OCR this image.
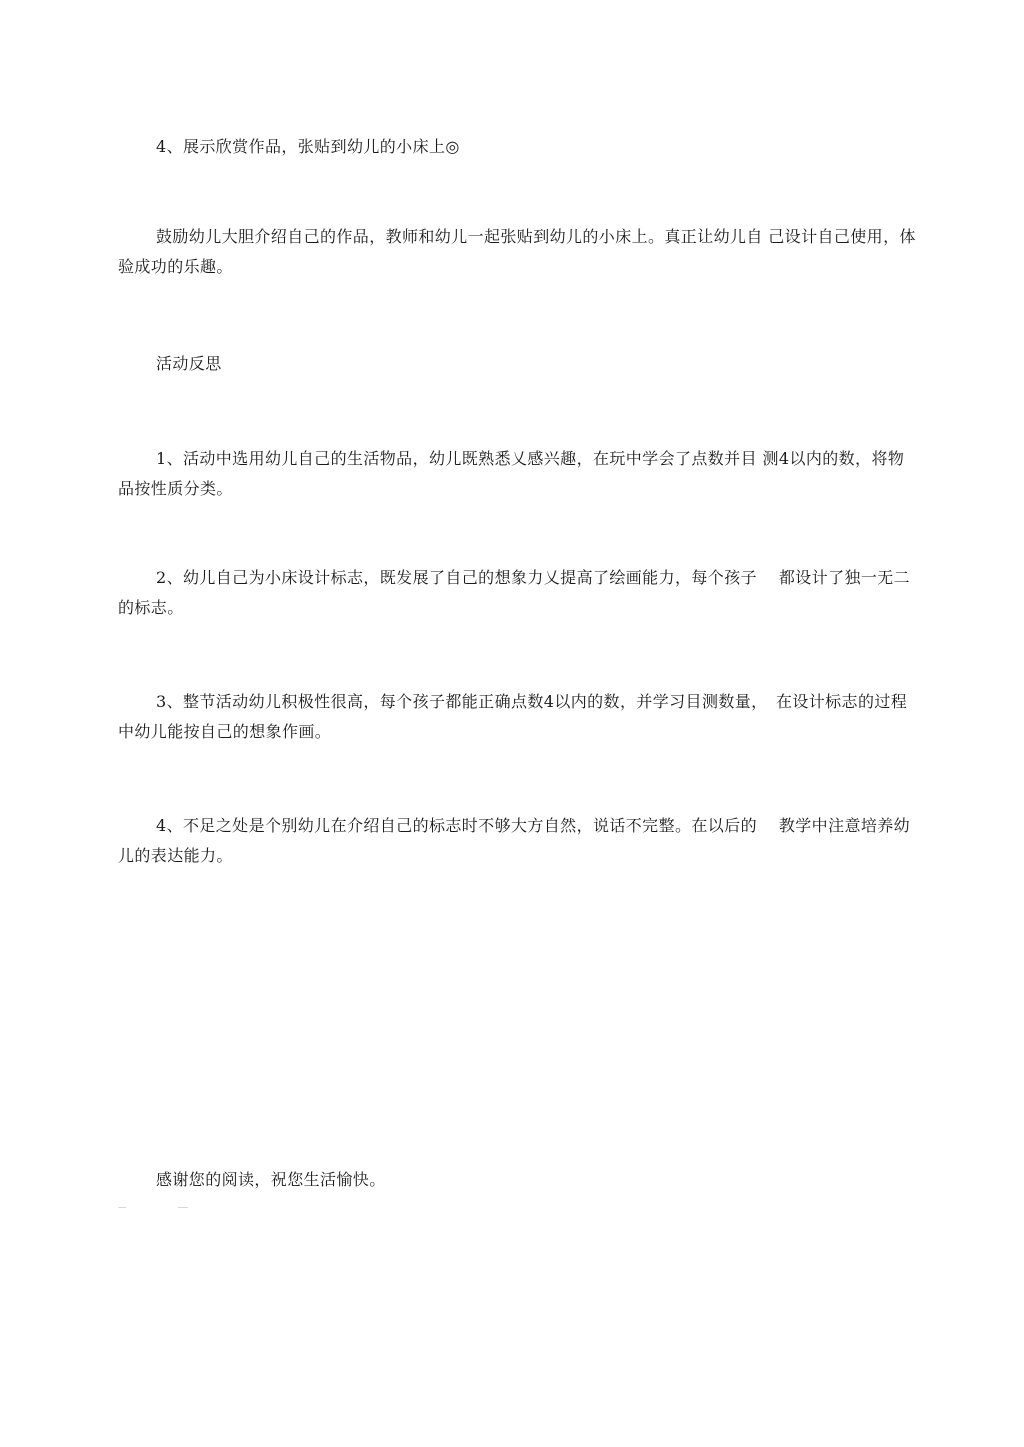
4、展示欣赏作品，张贴到幼儿的小床上◎

鼓励幼儿大胆介绍自己的作品，教师和幼儿一起张贴到幼儿的小床上。真正让幼儿自 己设计自己使用，体验成功的乐趣。

活动反思

1、活动中选用幼儿自己的生活物品，幼儿既熟悉乂感兴趣，在玩中学会了点数并目 测4以内的数，将物品按性质分类。

2、幼儿自己为小床设计标志，既发展了自己的想象力乂提高了绘画能力，每个孩子　 都设计了独一无二的标志。

3、整节活动幼儿积极性很高，每个孩子都能正确点数4以内的数，并学习目测数量，　在设计标志的过程中幼儿能按自己的想象作画。

4、不足之处是个别幼儿在介绍自己的标志时不够大方自然，说话不完整。在以后的　 教学中注意培养幼儿的表达能力。

感谢您的阅读，祝您生活愉快。
